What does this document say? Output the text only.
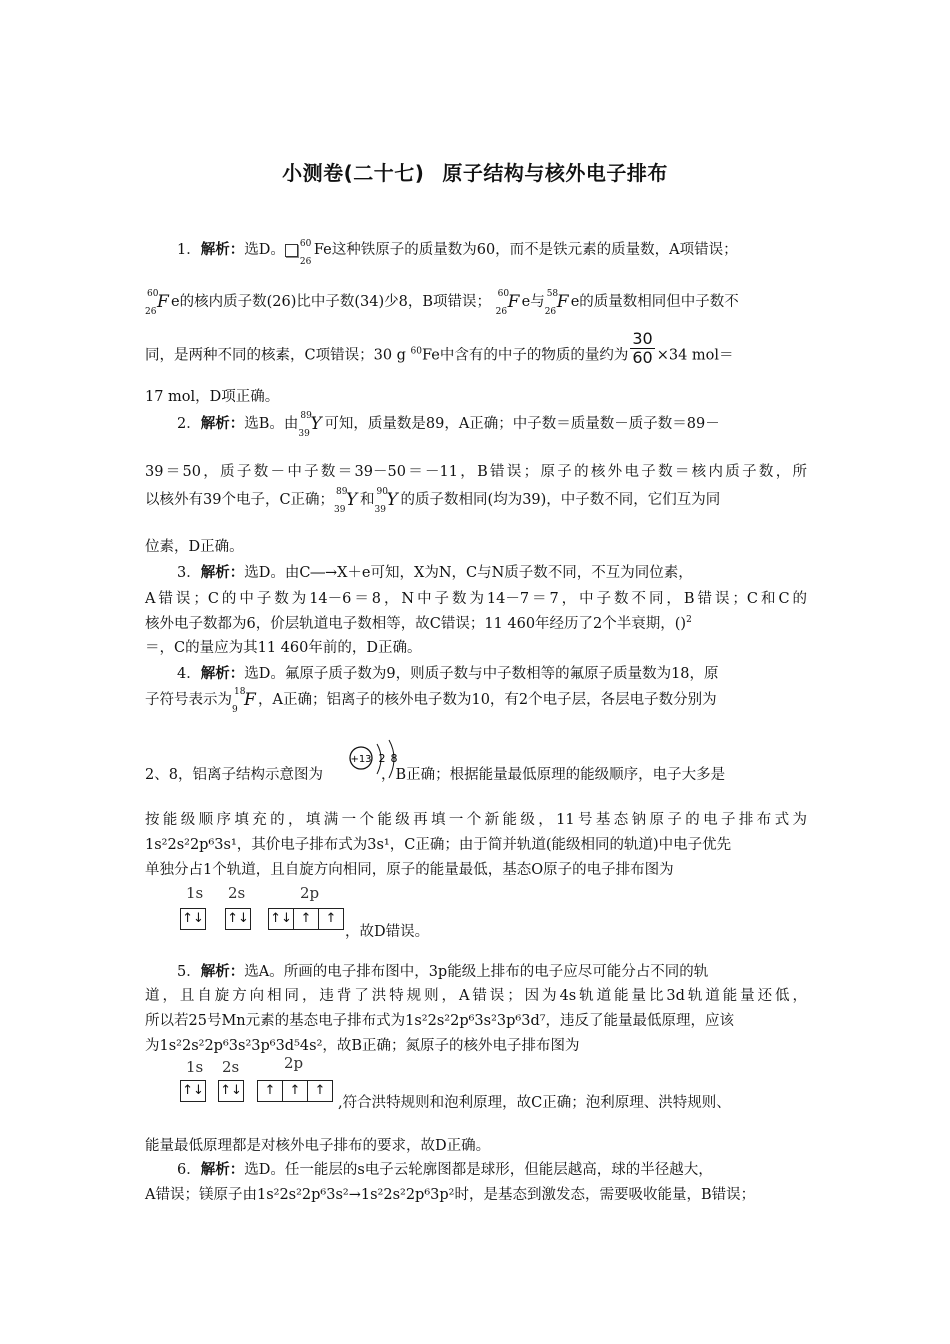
小测卷(二十七) 原子结构与核外电子排布
1．解析：选D。 60
26
Fe这种铁原子的质量数为60，而不是铁元素的质量数，A项错误；
60
26 F e的核内质子数(26)比中子数(34)少8，B项错误； 60
26 F e与 58
26 F e的质量数相同但中子数不
同，是两种不同的核素，C项错误；30 g $^{60}$Fe中含有的中子的物质的量约为 $\frac{30}{60} \times 34$ mol＝
17 mol，D项正确。
2．解析：选B。由 89
39 Y 可知，质量数是89，A正确；中子数＝质量数－质子数＝89－
39＝50，质子数－中子数＝39－50＝－11，B错误；原子的核外电子数＝核内质子数，所
以核外有39个电子，C正确； 89
39 Y 和 90
39 Y 的质子数相同(均为39)，中子数不同，它们互为同
位素，D正确。
3．解析：选D。由C―→X＋e可知，X为N，C与N质子数不同，不互为同位素，
A错误；C的中子数为14－6＝8，N中子数为14－7＝7，中子数不同，B错误；C和C的
核外电子数都为6，价层轨道电子数相等，故C错误；11 460年经历了2个半衰期，()$^2$
＝，C的量应为其11 460年前的，D正确。
4．解析：选D。氟原子质子数为9，则质子数与中子数相等的氟原子质量数为18，原
子符号表示为 18
9 F ，A正确；铝离子的核外电子数为10，有2个电子层，各层电子数分别为
+13 2 8
2、8，铝离子结构示意图为	，B正确；根据能量最低原理的能级顺序，电子大多是
按能级顺序填充的，填满一个能级再填一个新能级，11号基态钠原子的电子排布式为
1s²2s²2p⁶3s¹，其价电子排布式为3s¹，C正确；由于简并轨道(能级相同的轨道)中电子优先
单独分占1个轨道，且自旋方向相同，原子的能量最低，基态O原子的电子排布图为
1s 2s	2p
↑↓ ↑↓ ↑↓ ↑	↑
，故D错误。
5．解析：选A。所画的电子排布图中，3p能级上排布的电子应尽可能分占不同的轨
道，且自旋方向相同，违背了洪特规则，A错误；因为4s轨道能量比3d轨道能量还低，
所以若25号Mn元素的基态电子排布式为1s²2s²2p⁶3s²3p⁶3d⁷，违反了能量最低原理，应该
为1s²2s²2p⁶3s²3p⁶3d⁵4s²，故B正确；氮原子的核外电子排布图为
1s 2s	2p
↑↓ ↑↓	↑	↑	↑
,符合洪特规则和泡利原理，故C正确；泡利原理、洪特规则、
能量最低原理都是对核外电子排布的要求，故D正确。
6．解析：选D。任一能层的s电子云轮廓图都是球形，但能层越高，球的半径越大，
A错误；镁原子由1s²2s²2p⁶3s²→1s²2s²2p⁶3p²时，是基态到激发态，需要吸收能量，B错误；
